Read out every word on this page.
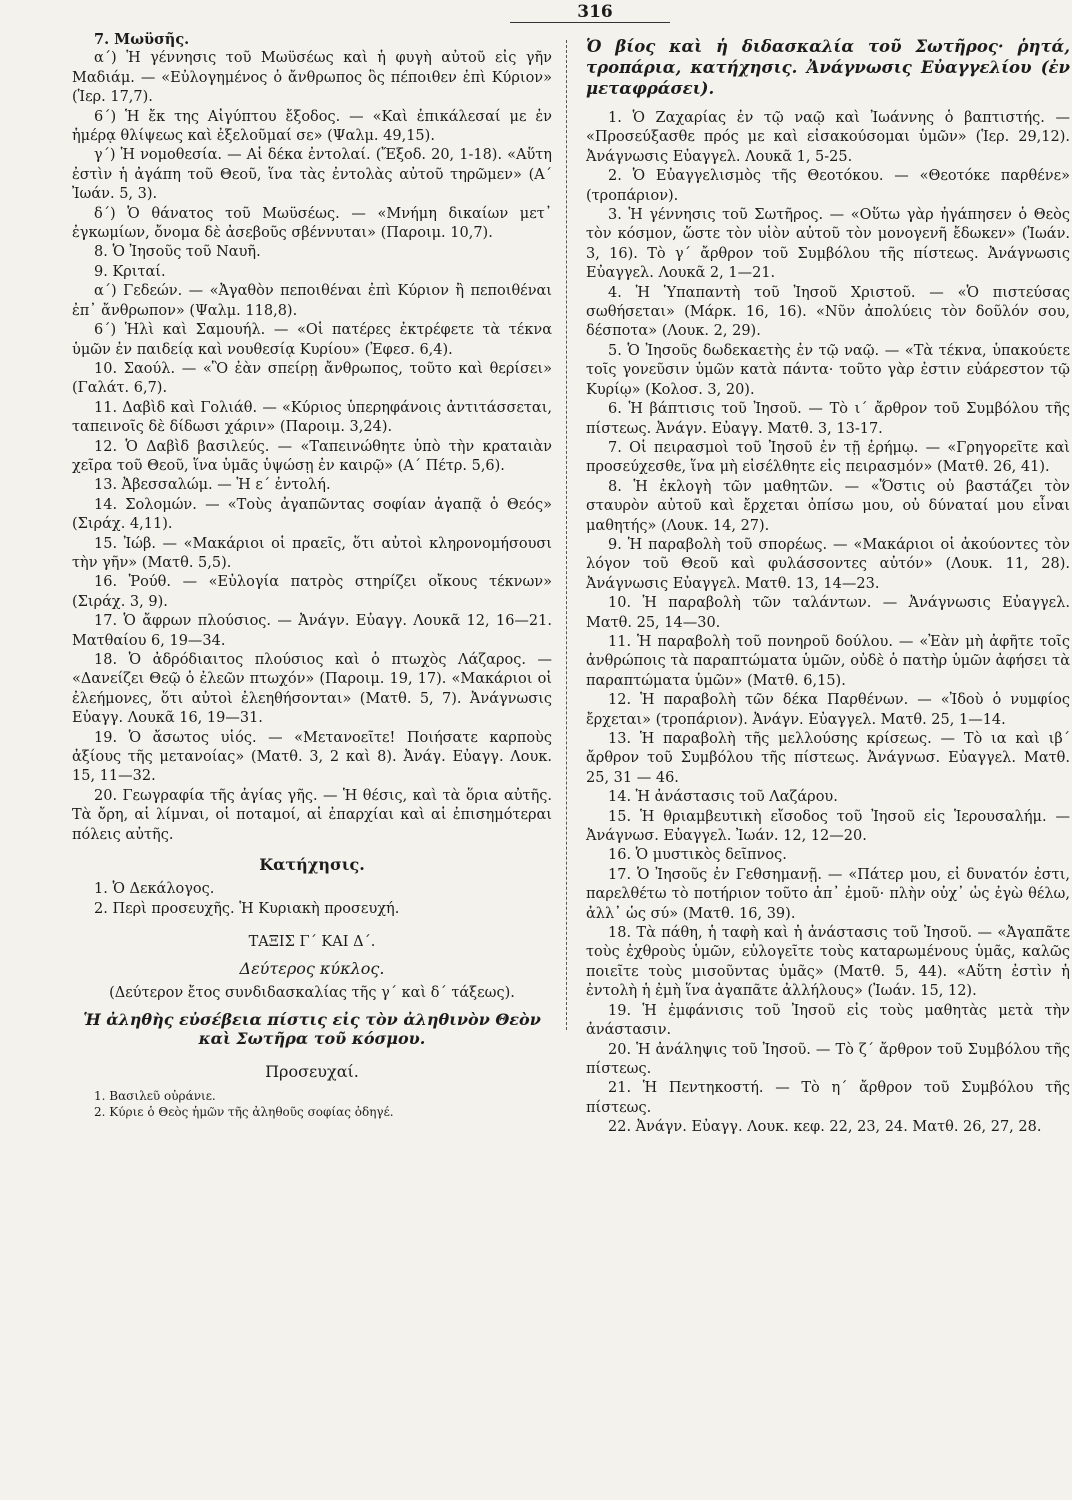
316

7. Μωϋσῆς.

α΄) Ἡ γέννησις τοῦ Μωϋσέως καὶ ἡ φυγὴ αὐτοῦ εἰς γῆν Μαδιάμ. — «Εὐλογημένος ὁ ἄνθρωπος ὃς πέποιθεν ἐπὶ Κύριον» (Ἱερ. 17,7).

6΄) Ἡ ἔκ της Αἰγύπτου ἔξοδος. — «Καὶ ἐπικάλεσαί με ἐν ἡμέρᾳ θλίψεως καὶ ἐξελοῦμαί σε» (Ψαλμ. 49,15).

γ΄) Ἡ νομοθεσία. — Αἱ δέκα ἐντολαί. (Ἔξοδ. 20, 1-18). «Αὕτη ἐστὶν ἡ ἀγάπη τοῦ Θεοῦ, ἵνα τὰς ἐντολὰς αὐτοῦ τηρῶμεν» (Α΄ Ἰωάν. 5, 3).

δ΄) Ὁ θάνατος τοῦ Μωϋσέως. — «Μνήμη δικαίων μετ᾿ ἐγκωμίων, ὄνομα δὲ ἀσεβοῦς σβέννυται» (Παροιμ. 10,7).

8. Ὁ Ἰησοῦς τοῦ Ναυῆ.

9. Κριταί.

α΄) Γεδεών. — «Ἀγαθὸν πεποιθέναι ἐπὶ Κύριον ἢ πεποιθέναι ἐπ᾿ ἄνθρωπον» (Ψαλμ. 118,8).

6΄) Ἡλὶ καὶ Σαμουήλ. — «Οἱ πατέρες ἐκτρέφετε τὰ τέκνα ὑμῶν ἐν παιδείᾳ καὶ νουθεσίᾳ Κυρίου» (Ἐφεσ. 6,4).

10. Σαούλ. — «Ὃ ἐὰν σπείρῃ ἄνθρωπος, τοῦτο καὶ θερίσει» (Γαλάτ. 6,7).

11. Δαβὶδ καὶ Γολιάθ. — «Κύριος ὑπερηφάνοις ἀντιτάσσεται, ταπεινοῖς δὲ δίδωσι χάριν» (Παροιμ. 3,24).

12. Ὁ Δαβὶδ βασιλεύς. — «Ταπεινώθητε ὑπὸ τὴν κραταιὰν χεῖρα τοῦ Θεοῦ, ἵνα ὑμᾶς ὑψώσῃ ἐν καιρῷ» (Α΄ Πέτρ. 5,6).

13. Ἀβεσσαλώμ. — Ἡ ε΄ ἐντολή.

14. Σολομών. — «Τοὺς ἀγαπῶντας σοφίαν ἀγαπᾷ ὁ Θεός» (Σιράχ. 4,11).

15. Ἰώβ. — «Μακάριοι οἱ πραεῖς, ὅτι αὐτοὶ κληρονομήσουσι τὴν γῆν» (Ματθ. 5,5).

16. Ῥούθ. — «Εὐλογία πατρὸς στηρίζει οἴκους τέκνων» (Σιράχ. 3, 9).

17. Ὁ ἄφρων πλούσιος. — Ἀνάγν. Εὐαγγ. Λουκᾶ 12, 16—21. Ματθαίου 6, 19—34.

18. Ὁ ἀδρόδιαιτος πλούσιος καὶ ὁ πτωχὸς Λάζαρος. — «Δανείζει Θεῷ ὁ ἐλεῶν πτωχόν» (Παροιμ. 19, 17). «Μακάριοι οἱ ἐλεήμονες, ὅτι αὐτοὶ ἐλεηθήσονται» (Ματθ. 5, 7). Ἀνάγνωσις Εὐαγγ. Λουκᾶ 16, 19—31.

19. Ὁ ἄσωτος υἱός. — «Μετανοεῖτε! Ποιήσατε καρποὺς ἀξίους τῆς μετανοίας» (Ματθ. 3, 2 καὶ 8). Ἀνάγ. Εὐαγγ. Λουκ. 15, 11—32.

20. Γεωγραφία τῆς ἁγίας γῆς. — Ἡ θέσις, καὶ τὰ ὅρια αὐτῆς. Τὰ ὄρη, αἱ λίμναι, οἱ ποταμοί, αἱ ἐπαρχίαι καὶ αἱ ἐπισημότεραι πόλεις αὐτῆς.

Κατήχησις.

1. Ὁ Δεκάλογος.

2. Περὶ προσευχῆς. Ἡ Κυριακὴ προσευχή.

ΤΑΞΙΣ Γ΄ ΚΑΙ Δ΄.

Δεύτερος κύκλος.

(Δεύτερον ἔτος συνδιδασκαλίας τῆς γ΄ καὶ δ΄ τάξεως).

Ἡ ἀληθὴς εὐσέβεια πίστις εἰς τὸν ἀληθινὸν Θεὸν καὶ Σωτῆρα τοῦ κόσμου.

Προσευχαί.

1. Βασιλεῦ οὐράνιε.

2. Κύριε ὁ Θεὸς ἡμῶν τῆς ἀληθοῦς σοφίας ὁδηγέ.

Ὁ βίος καὶ ἡ διδασκαλία τοῦ Σωτῆρος· ῥητά, τροπάρια, κατήχησις. Ἀνάγνωσις Εὐαγγελίου (ἐν μεταφράσει).

1. Ὁ Ζαχαρίας ἐν τῷ ναῷ καὶ Ἰωάννης ὁ βαπτιστής. — «Προσεύξασθε πρός με καὶ εἰσακούσομαι ὑμῶν» (Ἱερ. 29,12). Ἀνάγνωσις Εὐαγγελ. Λουκᾶ 1, 5-25.

2. Ὁ Εὐαγγελισμὸς τῆς Θεοτόκου. — «Θεοτόκε παρθένε» (τροπάριον).

3. Ἡ γέννησις τοῦ Σωτῆρος. — «Οὕτω γὰρ ἠγάπησεν ὁ Θεὸς τὸν κόσμον, ὥστε τὸν υἱὸν αὐτοῦ τὸν μονογενῆ ἔδωκεν» (Ἰωάν. 3, 16). Τὸ γ΄ ἄρθρον τοῦ Συμβόλου τῆς πίστεως. Ἀνάγνωσις Εὐαγγελ. Λουκᾶ 2, 1—21.

4. Ἡ Ὑπαπαντὴ τοῦ Ἰησοῦ Χριστοῦ. — «Ὁ πιστεύσας σωθήσεται» (Μάρκ. 16, 16). «Νῦν ἀπολύεις τὸν δοῦλόν σου, δέσποτα» (Λουκ. 2, 29).

5. Ὁ Ἰησοῦς δωδεκαετὴς ἐν τῷ ναῷ. — «Τὰ τέκνα, ὑπακούετε τοῖς γονεῦσιν ὑμῶν κατὰ πάντα· τοῦτο γὰρ ἐστιν εὐάρεστον τῷ Κυρίῳ» (Κολοσ. 3, 20).

6. Ἡ βάπτισις τοῦ Ἰησοῦ. — Τὸ ι΄ ἄρθρον τοῦ Συμβόλου τῆς πίστεως. Ἀνάγν. Εὐαγγ. Ματθ. 3, 13-17.

7. Οἱ πειρασμοὶ τοῦ Ἰησοῦ ἐν τῇ ἐρήμῳ. — «Γρηγορεῖτε καὶ προσεύχεσθε, ἵνα μὴ εἰσέλθητε εἰς πειρασμόν» (Ματθ. 26, 41).

8. Ἡ ἐκλογὴ τῶν μαθητῶν. — «Ὅστις οὐ βαστάζει τὸν σταυρὸν αὐτοῦ καὶ ἔρχεται ὀπίσω μου, οὐ δύναταί μου εἶναι μαθητής» (Λουκ. 14, 27).

9. Ἡ παραβολὴ τοῦ σπορέως. — «Μακάριοι οἱ ἀκούοντες τὸν λόγον τοῦ Θεοῦ καὶ φυλάσσοντες αὐτόν» (Λουκ. 11, 28). Ἀνάγνωσις Εὐαγγελ. Ματθ. 13, 14—23.

10. Ἡ παραβολὴ τῶν ταλάντων. — Ἀνάγνωσις Εὐαγγελ. Ματθ. 25, 14—30.

11. Ἡ παραβολὴ τοῦ πονηροῦ δούλου. — «Ἐὰν μὴ ἀφῆτε τοῖς ἀνθρώποις τὰ παραπτώματα ὑμῶν, οὐδὲ ὁ πατὴρ ὑμῶν ἀφήσει τὰ παραπτώματα ὑμῶν» (Ματθ. 6,15).

12. Ἡ παραβολὴ τῶν δέκα Παρθένων. — «Ἰδοὺ ὁ νυμφίος ἔρχεται» (τροπάριον). Ἀνάγν. Εὐαγγελ. Ματθ. 25, 1—14.

13. Ἡ παραβολὴ τῆς μελλούσης κρίσεως. — Τὸ ια καὶ ιβ΄ ἄρθρον τοῦ Συμβόλου τῆς πίστεως. Ἀνάγνωσ. Εὐαγγελ. Ματθ. 25, 31 — 46.

14. Ἡ ἀνάστασις τοῦ Λαζάρου.

15. Ἡ θριαμβευτικὴ εἴσοδος τοῦ Ἰησοῦ εἰς Ἱερουσαλήμ. — Ἀνάγνωσ. Εὐαγγελ. Ἰωάν. 12, 12—20.

16. Ὁ μυστικὸς δεῖπνος.

17. Ὁ Ἰησοῦς ἐν Γεθσημανῇ. — «Πάτερ μου, εἰ δυνατόν ἐστι, παρελθέτω τὸ ποτήριον τοῦτο ἀπ᾿ ἐμοῦ· πλὴν οὐχ᾿ ὡς ἐγὼ θέλω, ἀλλ᾿ ὡς σύ» (Ματθ. 16, 39).

18. Τὰ πάθη, ἡ ταφὴ καὶ ἡ ἀνάστασις τοῦ Ἰησοῦ. — «Ἀγαπᾶτε τοὺς ἐχθροὺς ὑμῶν, εὐλογεῖτε τοὺς καταρωμένους ὑμᾶς, καλῶς ποιεῖτε τοὺς μισοῦντας ὑμᾶς» (Ματθ. 5, 44). «Αὕτη ἐστὶν ἡ ἐντολὴ ἡ ἐμὴ ἵνα ἀγαπᾶτε ἀλλήλους» (Ἰωάν. 15, 12).

19. Ἡ ἐμφάνισις τοῦ Ἰησοῦ εἰς τοὺς μαθητὰς μετὰ τὴν ἀνάστασιν.

20. Ἡ ἀνάληψις τοῦ Ἰησοῦ. — Τὸ ζ΄ ἄρθρον τοῦ Συμβόλου τῆς πίστεως.

21. Ἡ Πεντηκοστή. — Τὸ η΄ ἄρθρον τοῦ Συμβόλου τῆς πίστεως.

22. Ἀνάγν. Εὐαγγ. Λουκ. κεφ. 22, 23, 24. Ματθ. 26, 27, 28.
